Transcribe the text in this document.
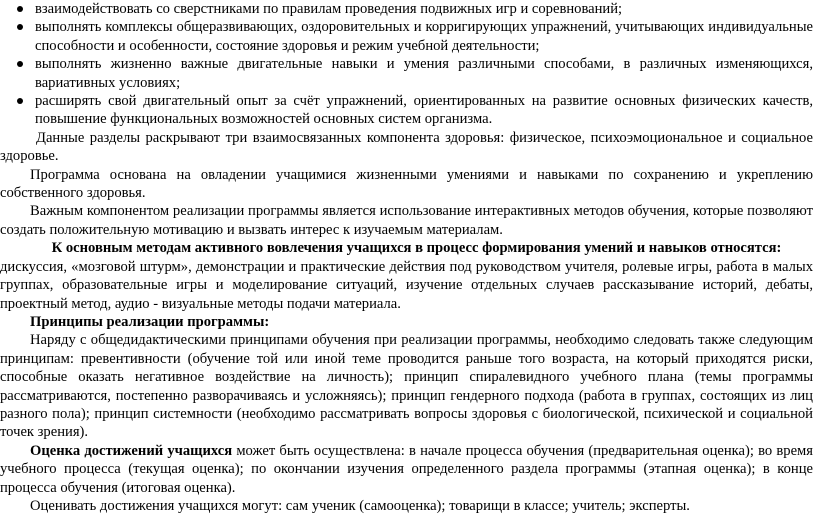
взаимодействовать со сверстниками по правилам проведения подвижных игр и соревнований;
выполнять комплексы общеразвивающих, оздоровительных и корригирующих упражнений, учитывающих индивидуальные способности и особенности, состояние здоровья и режим учебной деятельности;
выполнять жизненно важные двигательные навыки и умения различными способами, в различных изменяющихся, вариативных условиях;
расширять свой двигательный опыт за счёт упражнений, ориентированных на развитие основных физических качеств, повышение функциональных возможностей основных систем организма.

Данные разделы раскрывают три взаимосвязанных компонента здоровья: физическое, психоэмоциональное и социальное здоровье.

Программа основана на овладении учащимися жизненными умениями и навыками по сохранению и укреплению собственного здоровья.

Важным компонентом реализации программы является использование интерактивных методов обучения, которые позволяют создать положительную мотивацию и вызвать интерес к изучаемым материалам.

К основным методам активного вовлечения учащихся в процесс формирования умений и навыков относятся:

дискуссия, «мозговой штурм», демонстрации и практические действия под руководством учителя, ролевые игры, работа в малых группах, образовательные игры и моделирование ситуаций, изучение отдельных случаев рассказывание историй, дебаты, проектный метод, аудио - визуальные методы подачи материала.

Принципы реализации программы:

Наряду с общедидактическими принципами обучения при реализации программы, необходимо следовать также следующим принципам: превентивности (обучение той или иной теме проводится раньше того возраста, на который приходятся риски, способные оказать негативное воздействие на личность); принцип спиралевидного учебного плана (темы программы рассматриваются, постепенно разворачиваясь и усложняясь); принцип гендерного подхода (работа в группах, состоящих из лиц разного пола); принцип системности (необходимо рассматривать вопросы здоровья с биологической, психической и социальной точек зрения).

Оценка достижений учащихся может быть осуществлена: в начале процесса обучения (предварительная оценка); во время учебного процесса (текущая оценка); по окончании изучения определенного раздела программы (этапная оценка); в конце процесса обучения (итоговая оценка).

Оценивать достижения учащихся могут: сам ученик (самооценка); товарищи в классе; учитель; эксперты.
